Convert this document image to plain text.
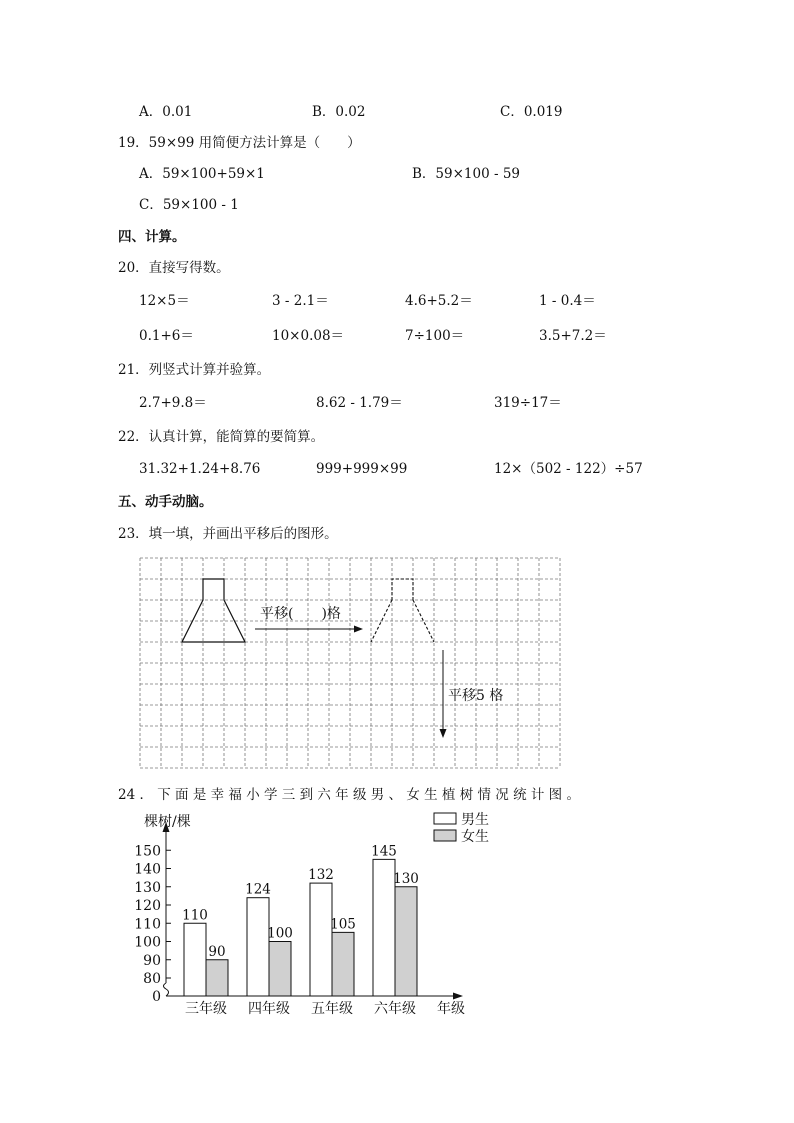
A．0.01	B．0.02	C．0.019
19．59×99 用简便方法计算是（　　）
A．59×100+59×1	B．59×100 - 59
C．59×100 - 1
四、计算。
20．直接写得数。
12×5＝	3 - 2.1＝	4.6+5.2＝	1 - 0.4＝
0.1+6＝	10×0.08＝	7÷100＝	3.5+7.2＝
21．列竖式计算并验算。
2.7+9.8＝	8.62 - 1.79＝	319÷17＝
22．认真计算，能简算的要简算。
31.32+1.24+8.76	999+999×99	12×（502 - 122）÷57
五、动手动脑。
23．填一填，并画出平移后的图形。
平移(　　)格
平移5 格
24 ． 下 面 是 幸 福 小 学 三 到 六 年 级 男 、 女 生 植 树 情 况 统 计 图 。
0
80
90
100
110
120
130
140
150
棵树/棵
年级
110
90
三年级
124
100
四年级
132
105
五年级
145
130
六年级
男生
女生
